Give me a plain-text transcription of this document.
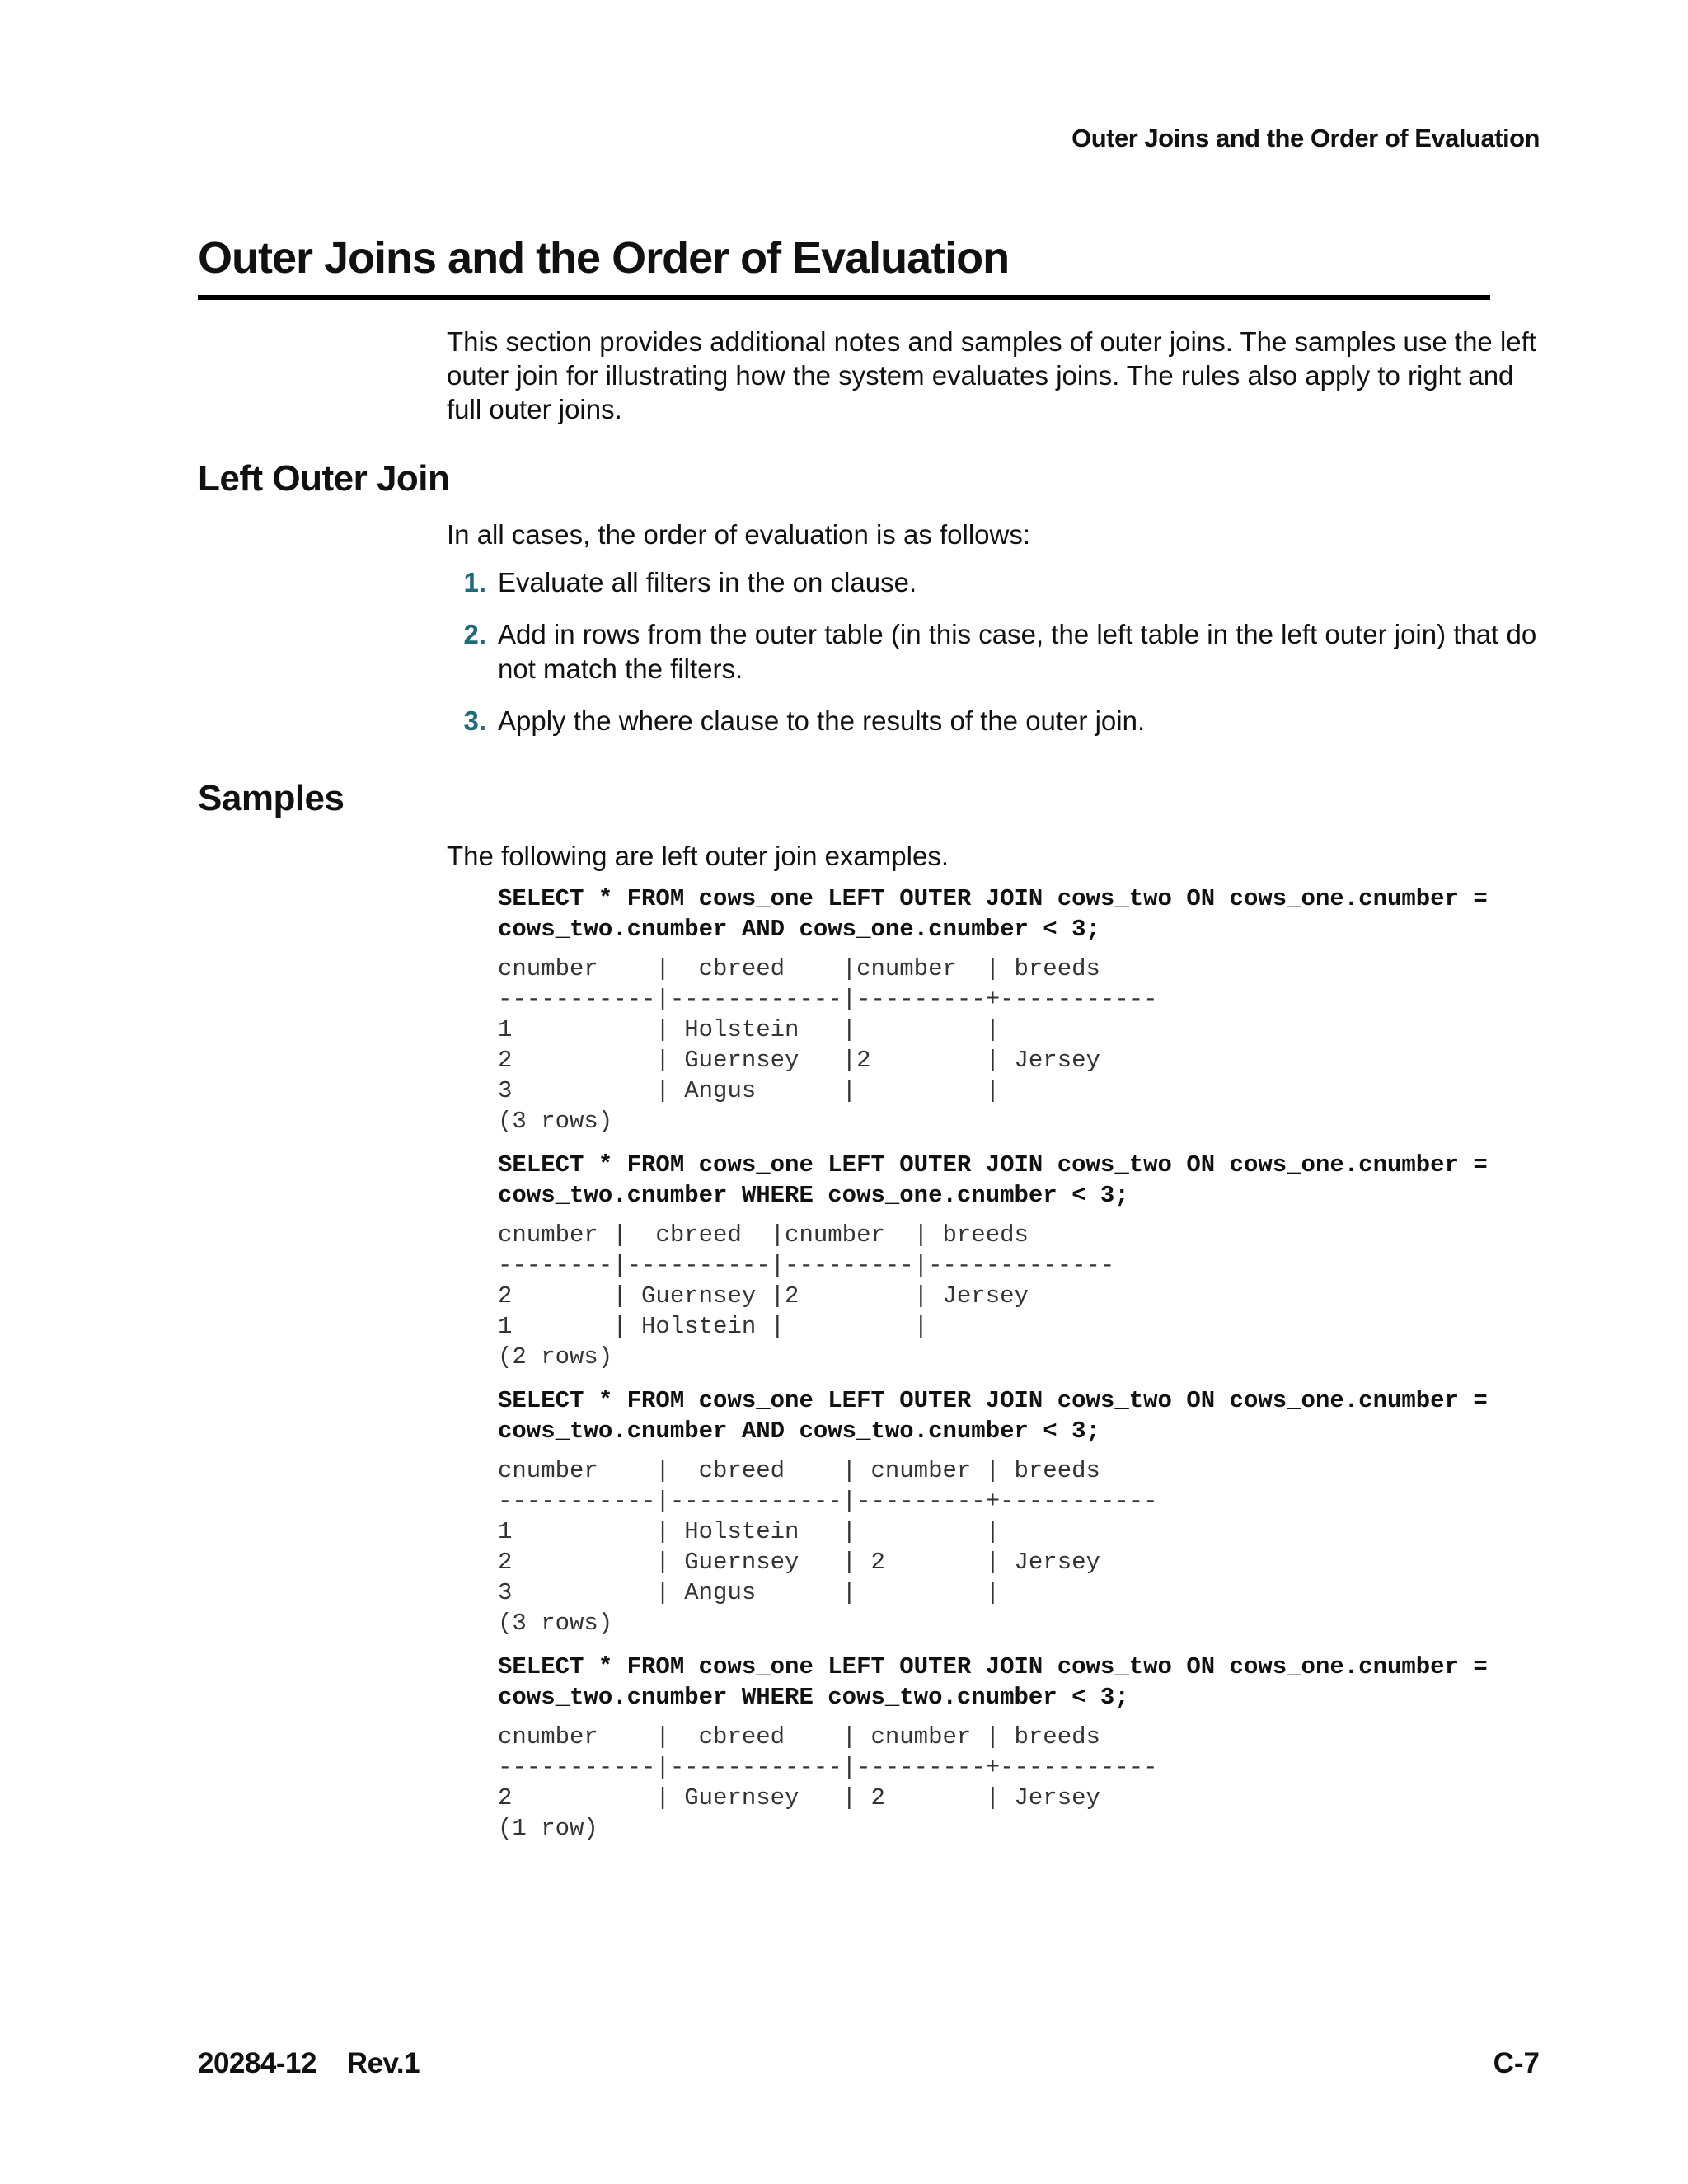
Outer Joins and the Order of Evaluation
Outer Joins and the Order of Evaluation

This section provides additional notes and samples of outer joins. The samples use the left outer join for illustrating how the system evaluates joins. The rules also apply to right and full outer joins.

Left Outer Join

In all cases, the order of evaluation is as follows:

1. Evaluate all filters in the on clause.
2. Add in rows from the outer table (in this case, the left table in the left outer join) that do not match the filters.
3. Apply the where clause to the results of the outer join.
Samples

The following are left outer join examples.

SELECT * FROM cows_one LEFT OUTER JOIN cows_two ON cows_one.cnumber =
cows_two.cnumber AND cows_one.cnumber < 3;
cnumber    |  cbreed    |cnumber  | breeds
-----------|------------|---------+-----------
1          | Holstein   |         |
2          | Guernsey   |2        | Jersey
3          | Angus      |         |
(3 rows)
SELECT * FROM cows_one LEFT OUTER JOIN cows_two ON cows_one.cnumber =
cows_two.cnumber WHERE cows_one.cnumber < 3;
cnumber |  cbreed  |cnumber  | breeds
--------|----------|---------|-------------
2       | Guernsey |2        | Jersey
1       | Holstein |         |
(2 rows)
SELECT * FROM cows_one LEFT OUTER JOIN cows_two ON cows_one.cnumber =
cows_two.cnumber AND cows_two.cnumber < 3;
cnumber    |  cbreed    | cnumber | breeds
-----------|------------|---------+-----------
1          | Holstein   |         |
2          | Guernsey   | 2       | Jersey
3          | Angus      |         |
(3 rows)
SELECT * FROM cows_one LEFT OUTER JOIN cows_two ON cows_one.cnumber =
cows_two.cnumber WHERE cows_two.cnumber < 3;
cnumber    |  cbreed    | cnumber | breeds
-----------|------------|---------+-----------
2          | Guernsey   | 2       | Jersey
(1 row)
20284-12    Rev.1	C-7
